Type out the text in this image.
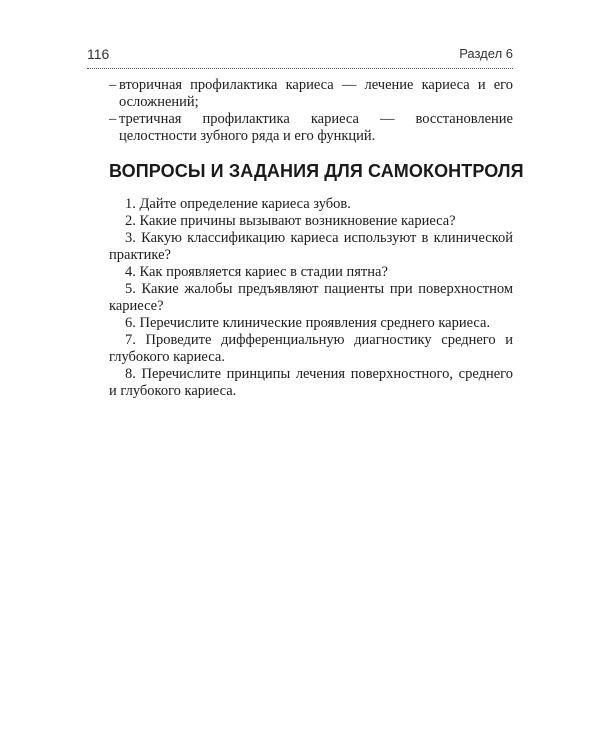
116	Раздел 6

– вторичная профилактика кариеса — лечение кариеса и его осложнений;

– третичная профилактика кариеса — восстановление целостности зубного ряда и его функций.

ВОПРОСЫ И ЗАДАНИЯ ДЛЯ САМОКОНТРОЛЯ

1. Дайте определение кариеса зубов.

2. Какие причины вызывают возникновение кариеса?

3. Какую классификацию кариеса используют в клинической практике?

4. Как проявляется кариес в стадии пятна?

5. Какие жалобы предъявляют пациенты при поверхностном кариесе?

6. Перечислите клинические проявления среднего кариеса.

7. Проведите дифференциальную диагностику среднего и глубокого кариеса.

8. Перечислите принципы лечения поверхностного, среднего и глубокого кариеса.
